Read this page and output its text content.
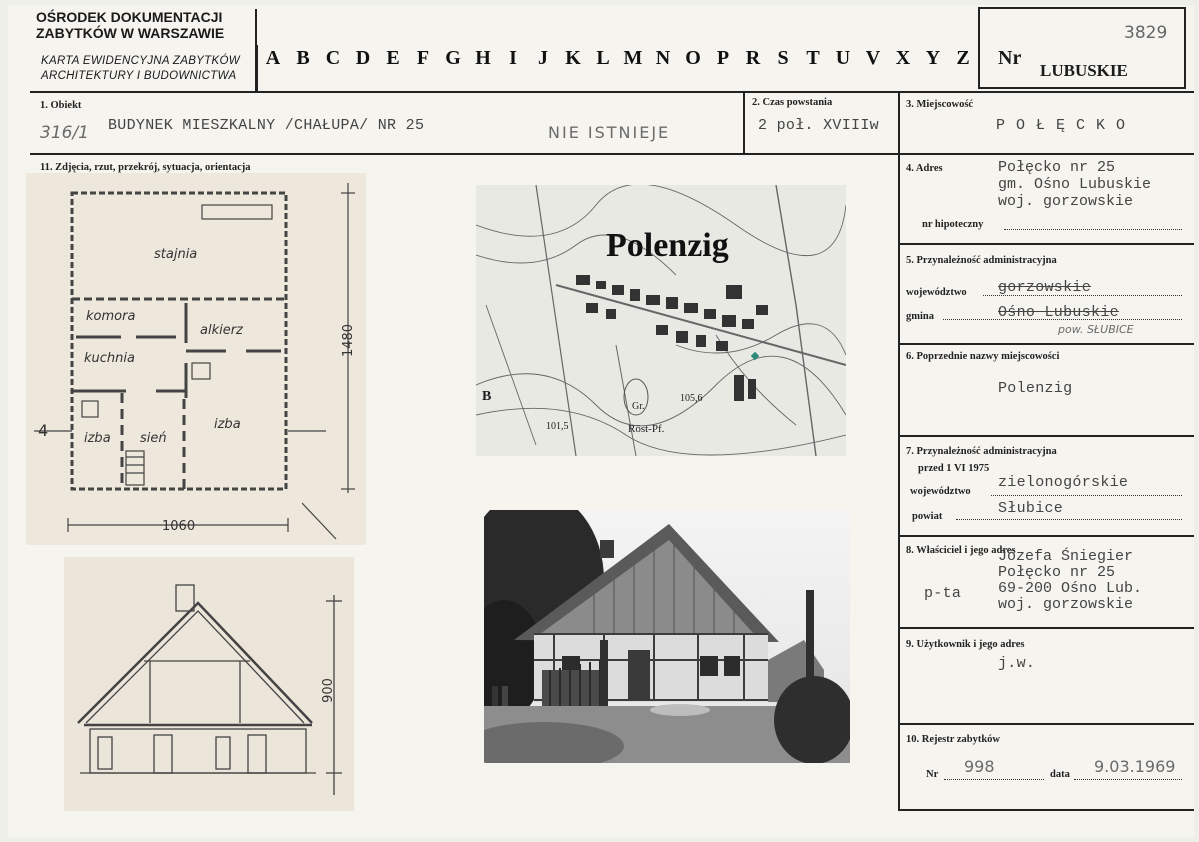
OŚRODEK DOKUMENTACJI
ZABYTKÓW W WARSZAWIE
KARTA EWIDENCYJNA ZABYTKÓW
ARCHITEKTURY I BUDOWNICTWA
A B C D E F G H I	J K L M N O P R S T U V X Y Z	Nr
3829
LUBUSKIE
1. Obiekt
316/1 BUDYNEK MIESZKALNY /CHAŁUPA/ NR 25	NIE ISTNIEJE
2. Czas powstania
2 poł. XVIIIw
3. Miejscowość
P O Ł Ę C K O
11. Zdjęcia, rzut, przekrój, sytuacja, orientacja	4. Adres	Połęcko nr 25
gm. Ośno Lubuskie
woj. gorzowskie
nr hipoteczny
5. Przynależność administracyjna
województwo gorzowskie
gmina	Ośno Lubuskie
pow. SŁUBICE
6. Poprzednie nazwy miejscowości
Polenzig
7. Przynależność administracyjna
przed 1 VI 1975
województwo
zielonogórskie
powiat	Słubice
8. Właściciel i jego adres
Józefa Śniegier
Połęcko nr 25
69-200 Ośno Lub.
woj. gorzowskie
p-ta
9. Użytkownik i jego adres
j.w.
10. Rejestr zabytków
Nr 998	data 9.03.1969
stajnia
komora
alkierz
kuchnia
izba sień
izba
1060
1480
4
900
Polenzig
Röst-Pf.
Gr.
101,5
105,6
B
